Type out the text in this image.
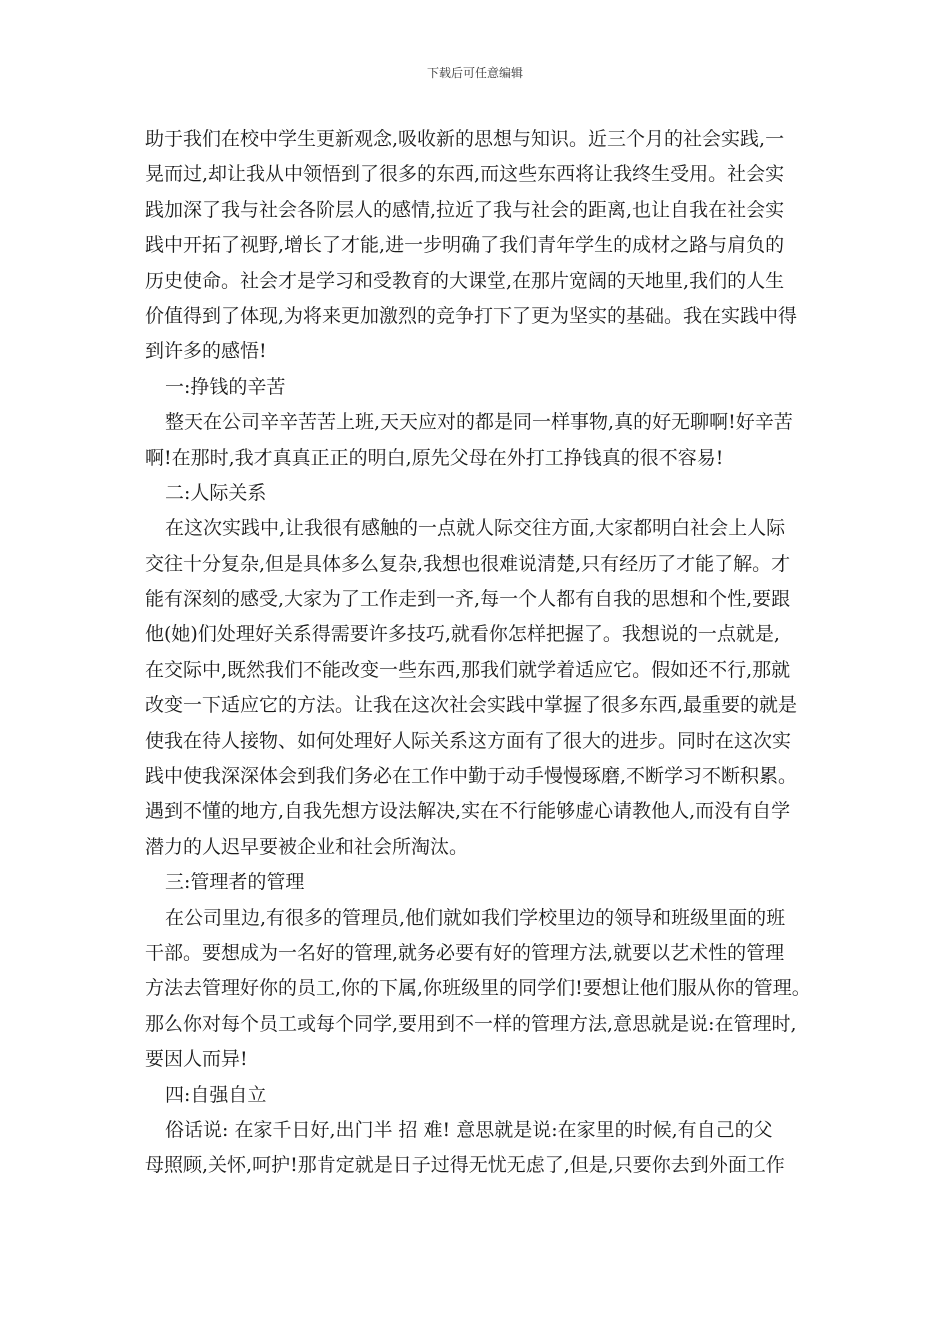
下载后可任意编辑
助于我们在校中学生更新观念,吸收新的思想与知识。近三个月的社会实践,一
晃而过,却让我从中领悟到了很多的东西,而这些东西将让我终生受用。社会实
践加深了我与社会各阶层人的感情,拉近了我与社会的距离,也让自我在社会实
践中开拓了视野,增长了才能,进一步明确了我们青年学生的成材之路与肩负的
历史使命。社会才是学习和受教育的大课堂,在那片宽阔的天地里,我们的人生
价值得到了体现,为将来更加激烈的竞争打下了更为坚实的基础。我在实践中得
到许多的感悟!
一:挣钱的辛苦
整天在公司辛辛苦苦上班,天天应对的都是同一样事物,真的好无聊啊!好辛苦
啊!在那时,我才真真正正的明白,原先父母在外打工挣钱真的很不容易!
二:人际关系
在这次实践中,让我很有感触的一点就人际交往方面,大家都明白社会上人际
交往十分复杂,但是具体多么复杂,我想也很难说清楚,只有经历了才能了解。才
能有深刻的感受,大家为了工作走到一齐,每一个人都有自我的思想和个性,要跟
他(她)们处理好关系得需要许多技巧,就看你怎样把握了。我想说的一点就是,
在交际中,既然我们不能改变一些东西,那我们就学着适应它。假如还不行,那就
改变一下适应它的方法。让我在这次社会实践中掌握了很多东西,最重要的就是
使我在待人接物、如何处理好人际关系这方面有了很大的进步。同时在这次实
践中使我深深体会到我们务必在工作中勤于动手慢慢琢磨,不断学习不断积累。
遇到不懂的地方,自我先想方设法解决,实在不行能够虚心请教他人,而没有自学
潜力的人迟早要被企业和社会所淘汰。
三:管理者的管理
在公司里边,有很多的管理员,他们就如我们学校里边的领导和班级里面的班
干部。要想成为一名好的管理,就务必要有好的管理方法,就要以艺术性的管理
方法去管理好你的员工,你的下属,你班级里的同学们!要想让他们服从你的管理。
那么你对每个员工或每个同学,要用到不一样的管理方法,意思就是说:在管理时,
要因人而异!
四:自强自立
俗话说: 在家千日好,出门半 招 难! 意思就是说:在家里的时候,有自己的父
母照顾,关怀,呵护!那肯定就是日子过得无忧无虑了,但是,只要你去到外面工作
